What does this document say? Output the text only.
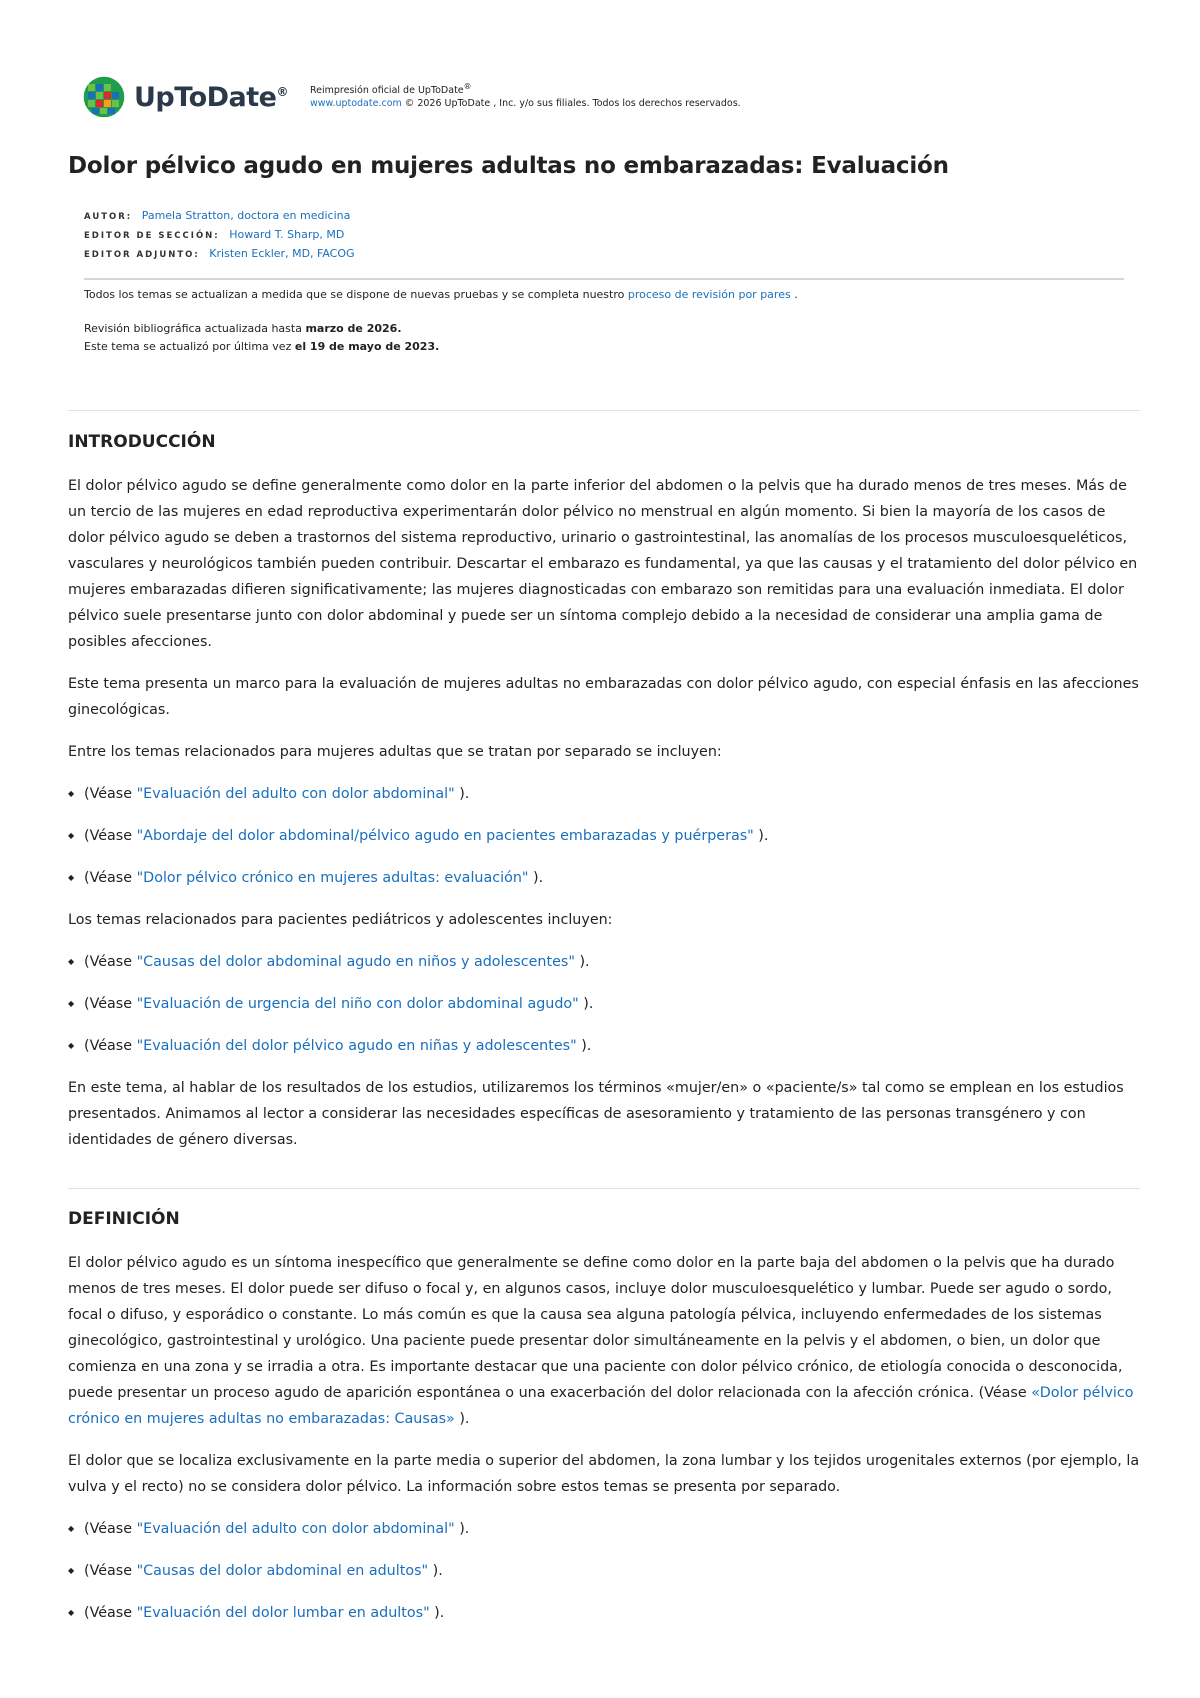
UpToDate® Reimpresión oficial de UpToDate®
www.uptodate.com © 2026 UpToDate , Inc. y/o sus filiales. Todos los derechos reservados.
Dolor pélvico agudo en mujeres adultas no embarazadas: Evaluación
AUTOR: Pamela Stratton, doctora en medicina
EDITOR DE SECCIÓN: Howard T. Sharp, MD
EDITOR ADJUNTO: Kristen Eckler, MD, FACOG
Todos los temas se actualizan a medida que se dispone de nuevas pruebas y se completa nuestro proceso de revisión por pares .
Revisión bibliográfica actualizada hasta marzo de 2026.
Este tema se actualizó por última vez el 19 de mayo de 2023.
INTRODUCCIÓN

El dolor pélvico agudo se define generalmente como dolor en la parte inferior del abdomen o la pelvis que ha durado menos de tres meses. Más de un tercio de las mujeres en edad reproductiva experimentarán dolor pélvico no menstrual en algún momento. Si bien la mayoría de los casos de dolor pélvico agudo se deben a trastornos del sistema reproductivo, urinario o gastrointestinal, las anomalías de los procesos musculoesqueléticos, vasculares y neurológicos también pueden contribuir. Descartar el embarazo es fundamental, ya que las causas y el tratamiento del dolor pélvico en mujeres embarazadas difieren significativamente; las mujeres diagnosticadas con embarazo son remitidas para una evaluación inmediata. El dolor pélvico suele presentarse junto con dolor abdominal y puede ser un síntoma complejo debido a la necesidad de considerar una amplia gama de posibles afecciones.

Este tema presenta un marco para la evaluación de mujeres adultas no embarazadas con dolor pélvico agudo, con especial énfasis en las afecciones ginecológicas.

Entre los temas relacionados para mujeres adultas que se tratan por separado se incluyen:

◆ (Véase "Evaluación del adulto con dolor abdominal" ).
◆ (Véase "Abordaje del dolor abdominal/pélvico agudo en pacientes embarazadas y puérperas" ).
◆ (Véase "Dolor pélvico crónico en mujeres adultas: evaluación" ).

Los temas relacionados para pacientes pediátricos y adolescentes incluyen:

◆ (Véase "Causas del dolor abdominal agudo en niños y adolescentes" ).
◆ (Véase "Evaluación de urgencia del niño con dolor abdominal agudo" ).
◆ (Véase "Evaluación del dolor pélvico agudo en niñas y adolescentes" ).

En este tema, al hablar de los resultados de los estudios, utilizaremos los términos «mujer/en» o «paciente/s» tal como se emplean en los estudios presentados. Animamos al lector a considerar las necesidades específicas de asesoramiento y tratamiento de las personas transgénero y con identidades de género diversas.

DEFINICIÓN

El dolor pélvico agudo es un síntoma inespecífico que generalmente se define como dolor en la parte baja del abdomen o la pelvis que ha durado menos de tres meses. El dolor puede ser difuso o focal y, en algunos casos, incluye dolor musculoesquelético y lumbar. Puede ser agudo o sordo, focal o difuso, y esporádico o constante. Lo más común es que la causa sea alguna patología pélvica, incluyendo enfermedades de los sistemas ginecológico, gastrointestinal y urológico. Una paciente puede presentar dolor simultáneamente en la pelvis y el abdomen, o bien, un dolor que comienza en una zona y se irradia a otra. Es importante destacar que una paciente con dolor pélvico crónico, de etiología conocida o desconocida, puede presentar un proceso agudo de aparición espontánea o una exacerbación del dolor relacionada con la afección crónica. (Véase «Dolor pélvico crónico en mujeres adultas no embarazadas: Causas» ).

El dolor que se localiza exclusivamente en la parte media o superior del abdomen, la zona lumbar y los tejidos urogenitales externos (por ejemplo, la vulva y el recto) no se considera dolor pélvico. La información sobre estos temas se presenta por separado.

◆ (Véase "Evaluación del adulto con dolor abdominal" ).
◆ (Véase "Causas del dolor abdominal en adultos" ).
◆ (Véase "Evaluación del dolor lumbar en adultos" ).
